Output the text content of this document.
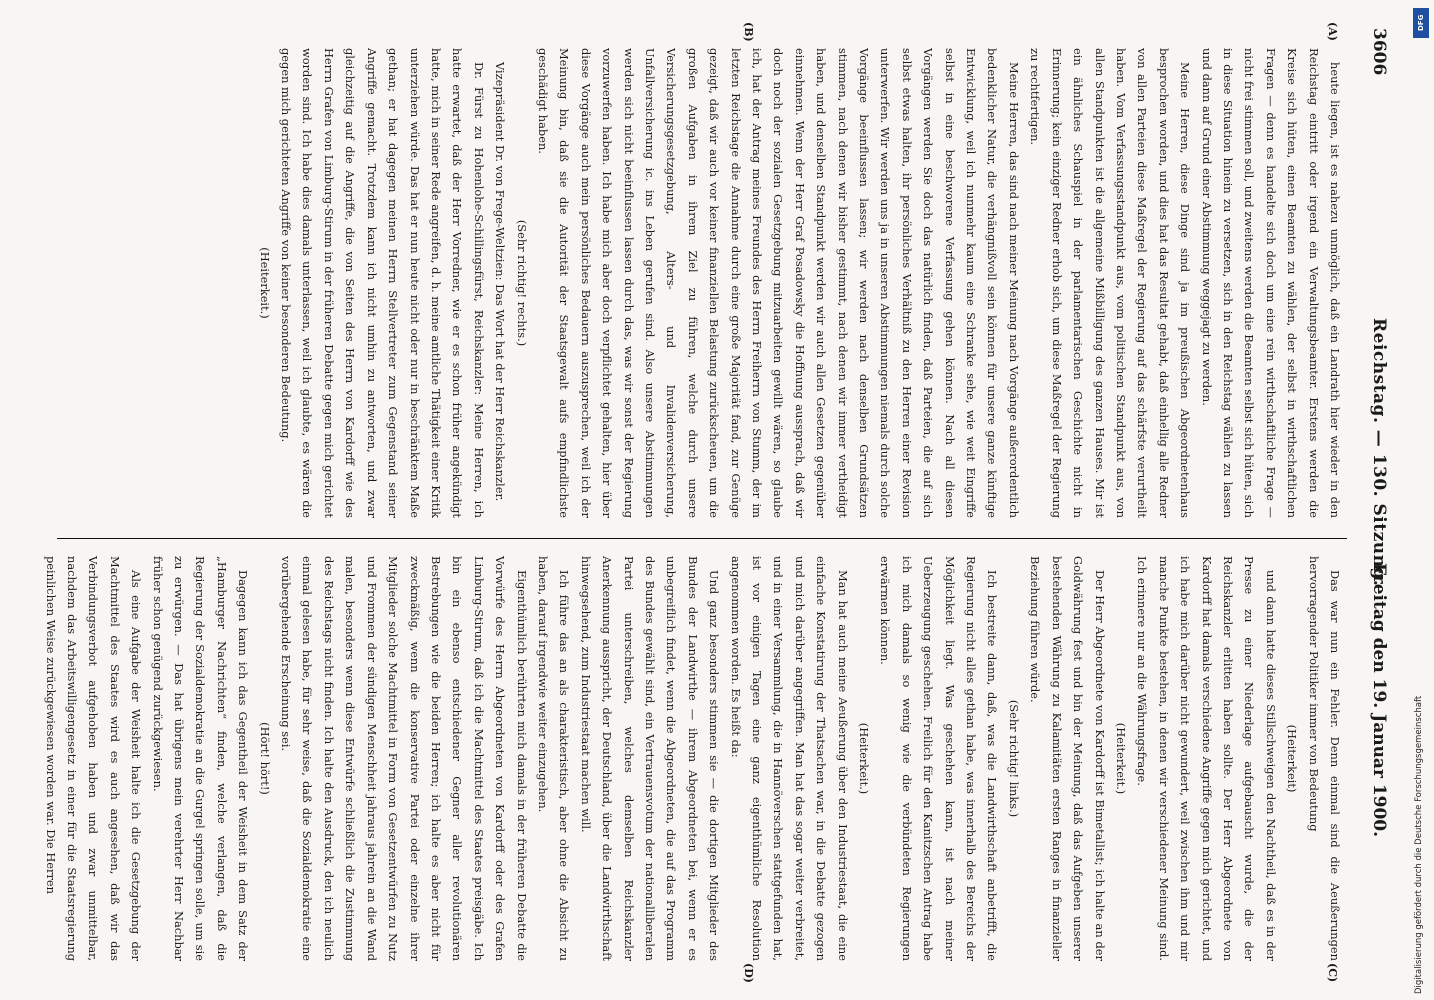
3606
Reichstag. — 130. Sitzung.
Freitag den 19. Januar 1900.
(A)
(B)
(C)
(D)

heute liegen, ist es nahezu unmöglich, daß ein Landrath hier wieder in den Reichstag eintritt oder irgend ein Verwaltungsbeamter. Erstens werden die Kreise sich hüten, einen Beamten zu wählen, der selbst in wirthschaftlichen Fragen — denn es handelte sich doch um eine rein wirthschaftliche Frage — nicht frei stimmen soll, und zweitens werden die Beamten selbst sich hüten, sich in diese Situation hinein zu versetzen, sich in den Reichstag wählen zu lassen und dann auf Grund einer Abstimmung weggejagt zu werden.

Meine Herren, diese Dinge sind ja im preußischen Abgeordnetenhaus besprochen worden, und dies hat das Resultat gehabt, daß einhellig alle Redner von allen Parteien diese Maßregel der Regierung auf das schärfste verurtheilt haben. Vom Verfassungsstandpunkt aus, vom politischen Standpunkt aus, von allen Standpunkten ist die allgemeine Mißbilligung des ganzen Hauses. Mir ist ein ähnliches Schauspiel in der parlamentarischen Geschichte nicht in Erinnerung; kein einziger Redner erhob sich, um diese Maßregel der Regierung zu rechtfertigen.

Meine Herren, das sind nach meiner Meinung nach Vorgänge außerordentlich bedenklicher Natur, die verhängnißvoll sein können für unsere ganze künftige Entwicklung, weil ich nunmehr kaum eine Schranke sehe, wie weit Eingriffe selbst in eine beschworene Verfassung gehen können. Nach all diesen Vorgängen werden Sie doch das natürlich finden, daß Parteien, die auf sich selbst etwas halten, ihr persönliches Verhältniß zu den Herren einer Revision unterwerfen. Wir werden uns ja in unseren Abstimmungen niemals durch solche Vorgänge beeinflussen lassen; wir werden nach denselben Grundsätzen stimmen, nach denen wir bisher gestimmt, nach denen wir immer vertheidigt haben, und denselben Standpunkt werden wir auch allen Gesetzen gegenüber einnehmen. Wenn der Herr Graf Posadowsky die Hoffnung aussprach, daß wir doch noch der sozialen Gesetzgebung mitzuarbeiten gewillt wären, so glaube ich, hat der Antrag meines Freundes des Herrn Freiherrn von Stumm, der im letzten Reichstage die Annahme durch eine große Majorität fand, zur Genüge gezeigt, daß wir auch vor keiner finanziellen Belastung zurückscheuen, um die großen Aufgaben in ihrem Ziel zu führen, welche durch unsere Versicherungsgesetzgebung, Alters- und Invalidenversicherung, Unfallversicherung ic. ins Leben gerufen sind. Also unsere Abstimmungen werden sich nicht beeinflussen lassen durch das, was wir sonst der Regierung vorzuwerfen haben. Ich habe mich aber doch verpflichtet gehalten, hier über diese Vorgänge auch mein persönliches Bedauern auszusprechen, weil ich der Meinung bin, daß sie die Autorität der Staatsgewalt aufs empfindlichste geschädigt haben.

(Sehr richtig! rechts.)

Vizepräsident Dr. von Frege-Weltzien: Das Wort hat der Herr Reichskanzler.

Dr. Fürst zu Hohenlohe-Schillingsfürst, Reichskanzler: Meine Herren, ich hatte erwartet, daß der Herr Vorredner, wie er es schon früher angekündigt hatte, mich in seiner Rede angreifen, d. h. meine amtliche Thätigkeit einer Kritik unterziehen würde. Das hat er nun heute nicht oder nur in beschränktem Maße gethan; er hat dagegen meinen Herrn Stellvertreter zum Gegenstand seiner Angriffe gemacht. Trotzdem kann ich nicht umhin zu antworten, und zwar gleichzeitig auf die Angriffe, die von Seiten des Herrn von Kardorff wie des Herrn Grafen von Limburg-Stirum in der früheren Debatte gegen mich gerichtet worden sind. Ich habe dies damals unterlassen, weil ich glaubte, es wären die gegen mich gerichteten Angriffe von keiner besonderen Bedeutung.

(Heiterkeit.)

Das war nun ein Fehler. Denn einmal sind die Aeußerungen hervorragender Politiker immer von Bedeutung

(Heiterkeit)

und dann hatte dieses Stillschweigen den Nachtheil, daß es in der Presse zu einer Niederlage aufgebauscht wurde, die der Reichskanzler erlitten haben sollte. Der Herr Abgeordnete von Kardorff hat damals verschiedene Angriffe gegen mich gerichtet, und ich habe mich darüber nicht gewundert, weil zwischen ihm und mir manche Punkte bestehen, in denen wir verschiedener Meinung sind. Ich erinnere nur an die Währungsfrage.

(Heiterkeit.)

Der Herr Abgeordnete von Kardorff ist Bimetallist; ich halte an der Goldwährung fest und bin der Meinung, daß das Aufgeben unserer bestehenden Währung zu Kalamitäten ersten Ranges in finanzieller Beziehung führen würde.

(Sehr richtig! links.)

Ich bestreite dann, daß, was die Landwirthschaft anbetrifft, die Regierung nicht alles gethan habe, was innerhalb des Bereichs der Möglichkeit liegt. Was geschehen kann, ist nach meiner Ueberzeugung geschehen. Freilich für den Kanitzschen Antrag habe ich mich damals so wenig wie die verbündeten Regierungen erwärmen können.

(Heiterkeit.)

Man hat auch meine Aeußerung über den Industriestaat, die eine einfache Konstatirung der Thatsachen war, in die Debatte gezogen und mich darüber angegriffen. Man hat das sogar weiter verbreitet, und in einer Versammlung, die in Hannöverschen stattgefunden hat, ist vor einigen Tagen eine ganz eigenthümliche Resolution angenommen worden. Es heißt da:

Und ganz besonders stimmen sie — die dortigen Mitglieder des Bundes der Landwirthe — ihrem Abgeordneten bei, wenn er es unbegreiflich findet, wenn die Abgeordneten, die auf das Programm des Bundes gewählt sind, ein Vertrauensvotum der nationalliberalen Partei unterschreiben, welches demselben Reichskanzler Anerkennung ausspricht, der Deutschland, über die Landwirthschaft hinwegsehend, zum Industriestaat machen will.

Ich führe das an als charakteristisch, aber ohne die Absicht zu haben, darauf irgendwie weiter einzugehen.

Eigenthümlich berührten mich damals in der früheren Debatte die Vorwürfe des Herrn Abgeordneten von Kardorff oder des Grafen Limburg-Stirum, daß ich die Machtmittel des Staates preisgäbe. Ich bin ein ebenso entschiedener Gegner aller revolutionären Bestrebungen wie die beiden Herren; ich halte es aber nicht für zweckmäßig, wenn die konservative Partei oder einzelne ihrer Mitglieder solche Machtmittel in Form von Gesetzentwürfen zu Nutz und Frommen der sündigen Menschheit jahraus jahrein an die Wand malen, besonders wenn diese Entwürfe schließlich die Zustimmung des Reichstags nicht finden. Ich halte den Ausdruck, den ich neulich einmal gelesen habe, für sehr weise, daß die Sozialdemokratie eine vorübergehende Erscheinung sei.

(Hört! hört!)

Dagegen kann ich das Gegentheil der Weisheit in dem Satz der „Hamburger Nachrichten“ finden, welche verlangen, daß die Regierung der Sozialdemokratie an die Gurgel springen solle, um sie zu erwürgen. — Das hat übrigens mein verehrter Herr Nachbar früher schon genügend zurückgewiesen.

Als eine Aufgabe der Weisheit halte ich die Gesetzgebung der Machtmittel des Staates wird es auch angesehen, daß wir das Verbindungsverbot aufgehoben haben und zwar unmittelbar, nachdem das Arbeitswilligengesetz in einer für die Staatsregierung peinlichen Weise zurückgewiesen worden war. Die Herren	Digitalisierung gefördert durch die Deutsche Forschungsgemeinschaft
DFG
